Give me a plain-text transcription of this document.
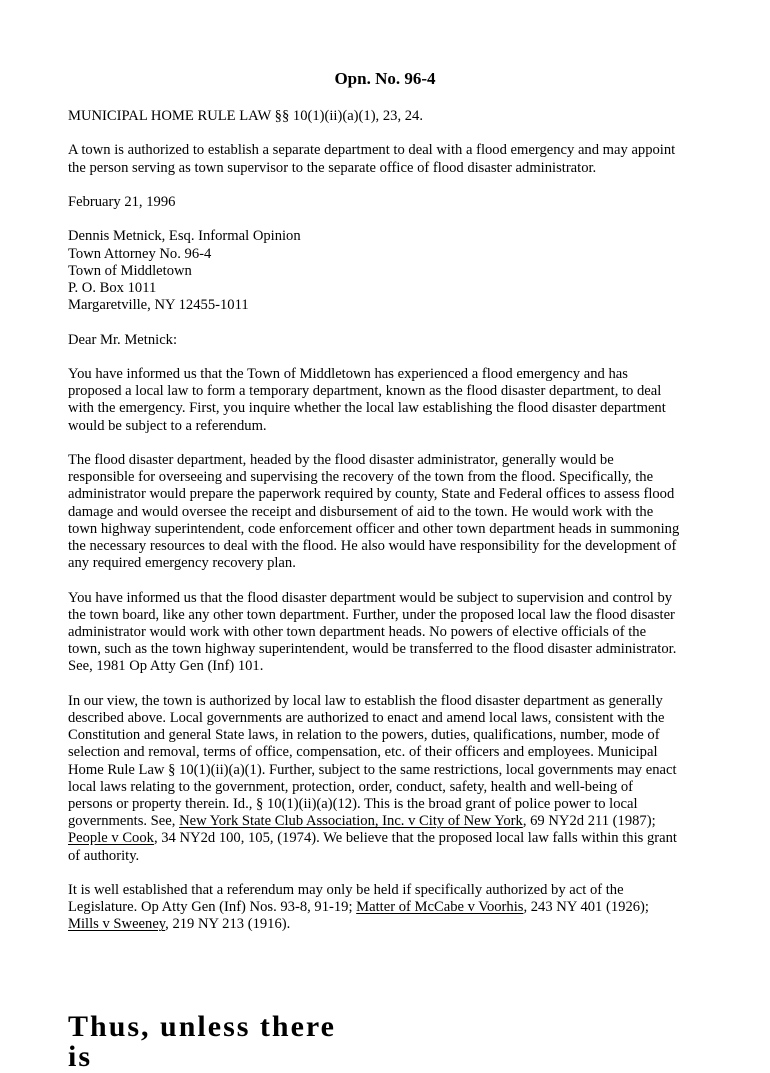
Opn. No. 96-4

MUNICIPAL HOME RULE LAW §§ 10(1)(ii)(a)(1), 23, 24.

A town is authorized to establish a separate department to deal with a flood emergency and may appoint
the person serving as town supervisor to the separate office of flood disaster administrator.

February 21, 1996

Dennis Metnick, Esq. Informal Opinion
Town Attorney No. 96-4
Town of Middletown
P. O. Box 1011
Margaretville, NY 12455-1011

Dear Mr. Metnick:

You have informed us that the Town of Middletown has experienced a flood emergency and has
proposed a local law to form a temporary department, known as the flood disaster department, to deal
with the emergency. First, you inquire whether the local law establishing the flood disaster department
would be subject to a referendum.

The flood disaster department, headed by the flood disaster administrator, generally would be
responsible for overseeing and supervising the recovery of the town from the flood. Specifically, the
administrator would prepare the paperwork required by county, State and Federal offices to assess flood
damage and would oversee the receipt and disbursement of aid to the town. He would work with the
town highway superintendent, code enforcement officer and other town department heads in summoning
the necessary resources to deal with the flood. He also would have responsibility for the development of
any required emergency recovery plan.

You have informed us that the flood disaster department would be subject to supervision and control by
the town board, like any other town department. Further, under the proposed local law the flood disaster
administrator would work with other town department heads. No powers of elective officials of the
town, such as the town highway superintendent, would be transferred to the flood disaster administrator.
See, 1981 Op Atty Gen (Inf) 101.

In our view, the town is authorized by local law to establish the flood disaster department as generally
described above. Local governments are authorized to enact and amend local laws, consistent with the
Constitution and general State laws, in relation to the powers, duties, qualifications, number, mode of
selection and removal, terms of office, compensation, etc. of their officers and employees. Municipal
Home Rule Law § 10(1)(ii)(a)(1). Further, subject to the same restrictions, local governments may enact
local laws relating to the government, protection, order, conduct, safety, health and well-being of
persons or property therein. Id., § 10(1)(ii)(a)(12). This is the broad grant of police power to local
governments. See, New York State Club Association, Inc. v City of New York, 69 NY2d 211 (1987);
People v Cook, 34 NY2d 100, 105, (1974). We believe that the proposed local law falls within this grant
of authority.

It is well established that a referendum may only be held if specifically authorized by act of the
Legislature. Op Atty Gen (Inf) Nos. 93-8, 91-19; Matter of McCabe v Voorhis, 243 NY 401 (1926);
Mills v Sweeney, 219 NY 213 (1916).

Thus, unless there is
